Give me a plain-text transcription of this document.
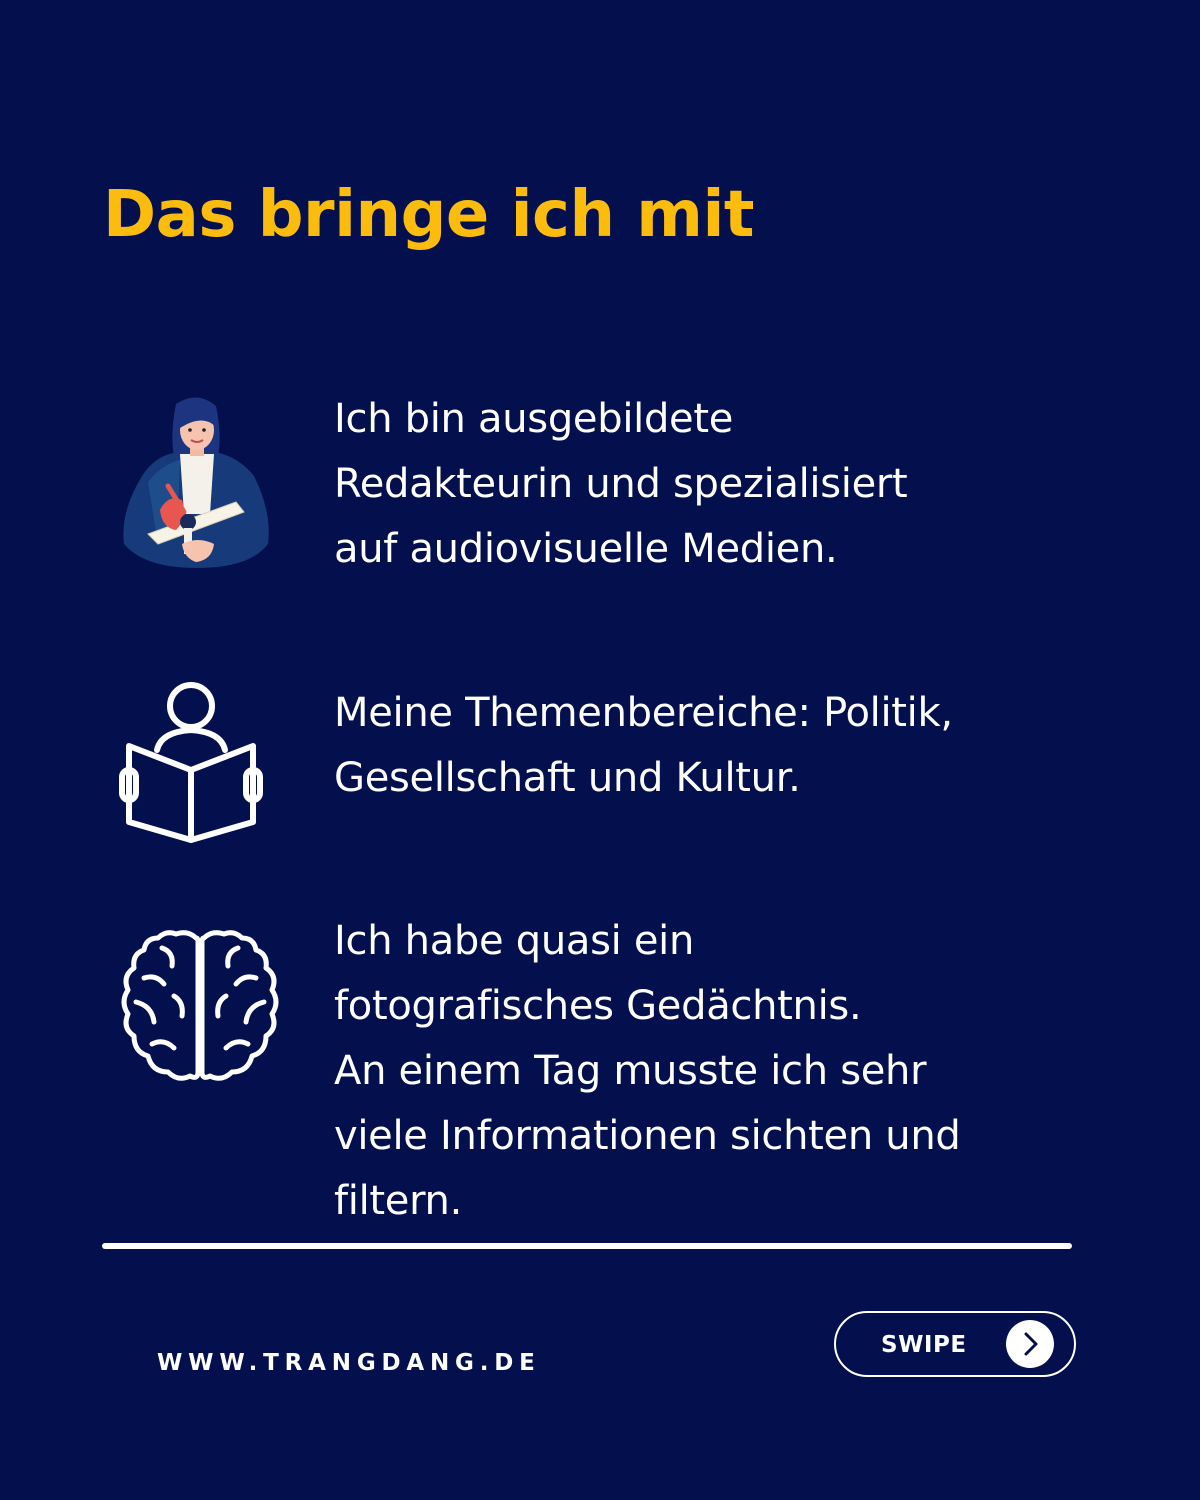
Das bringe ich mit

Ich bin ausgebildete
Redakteurin und spezialisiert
auf audiovisuelle Medien.

Meine Themenbereiche: Politik,
Gesellschaft und Kultur.

Ich habe quasi ein
fotografisches Gedächtnis.
An einem Tag musste ich sehr
viele Informationen sichten und
filtern.

WWW.TRANGDANG.DE
SWIPE
